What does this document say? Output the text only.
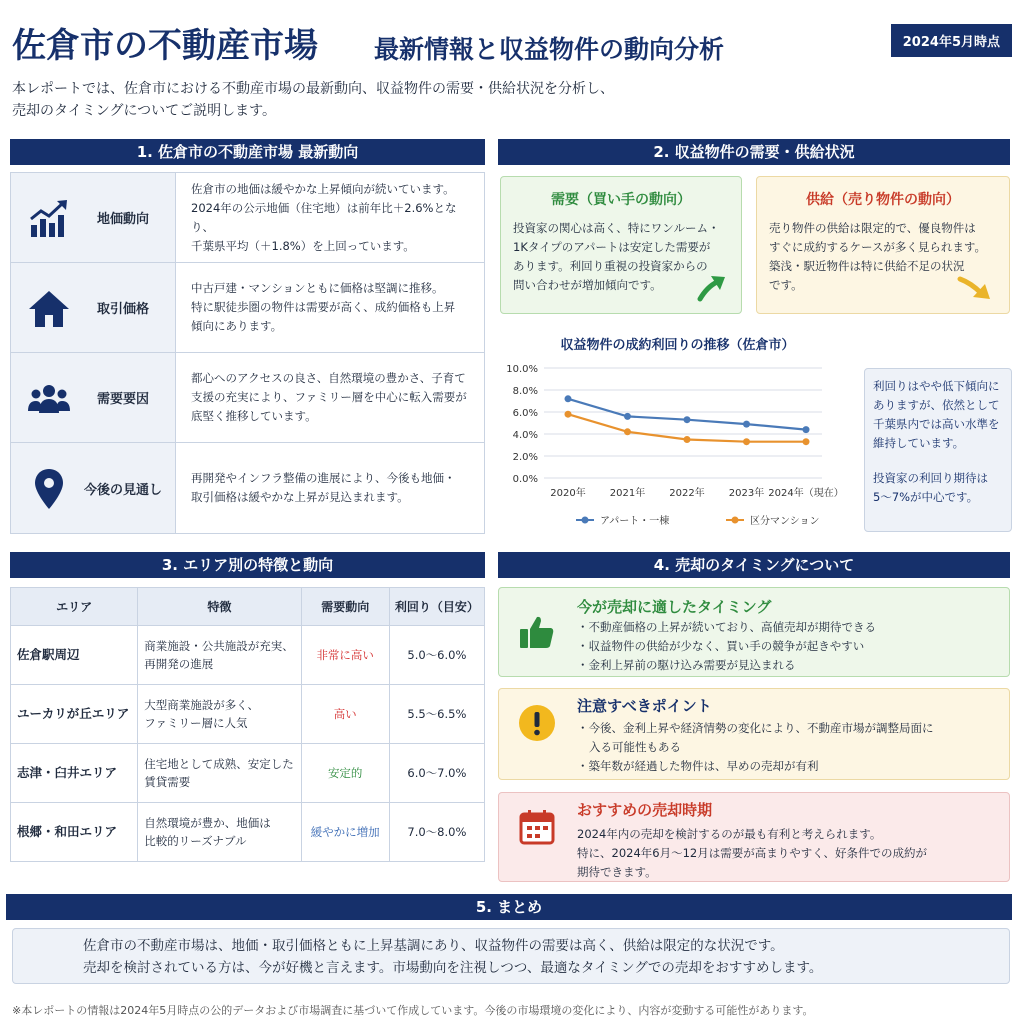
佐倉市の不動産市場 最新情報と収益物件の動向分析	2024年5月時点
本レポートでは、佐倉市における不動産市場の最新動向、収益物件の需要・供給状況を分析し、
売却のタイミングについてご説明します。
1. 佐倉市の不動産市場 最新動向
地価動向
佐倉市の地価は緩やかな上昇傾向が続いています。
2024年の公示地価（住宅地）は前年比＋2.6%となり、
千葉県平均（＋1.8%）を上回っています。
取引価格
中古戸建・マンションともに価格は堅調に推移。
特に駅徒歩圏の物件は需要が高く、成約価格も上昇
傾向にあります。
需要要因
都心へのアクセスの良さ、自然環境の豊かさ、子育て
支援の充実により、ファミリー層を中心に転入需要が
底堅く推移しています。
今後の見通し
再開発やインフラ整備の進展により、今後も地価・
取引価格は緩やかな上昇が見込まれます。
2. 収益物件の需要・供給状況
需要（買い手の動向）
投資家の関心は高く、特にワンルーム・
1Kタイプのアパートは安定した需要が
あります。利回り重視の投資家からの
問い合わせが増加傾向です。
供給（売り物件の動向）
売り物件の供給は限定的で、優良物件は
すぐに成約するケースが多く見られます。
築浅・駅近物件は特に供給不足の状況
です。
収益物件の成約利回りの推移（佐倉市）
0.0%
2.0%
4.0%
6.0%
8.0%
10.0%
2020年 2021年 2022年 2023年 2024年（現在）
アパート・一棟	区分マンション
利回りはやや低下傾向に
ありますが、依然として
千葉県内では高い水準を
維持しています。
投資家の利回り期待は
5〜7%が中心です。
3. エリア別の特徴と動向
エリア	特徴	需要動向	利回り（目安）
佐倉駅周辺	商業施設・公共施設が充実、
再開発の進展	非常に高い	5.0〜6.0%
ユーカリが丘エリア	大型商業施設が多く、
ファミリー層に人気	高い	5.5〜6.5%
志津・臼井エリア	住宅地として成熟、安定した
賃貸需要	安定的	6.0〜7.0%
根郷・和田エリア	自然環境が豊か、地価は
比較的リーズナブル	緩やかに増加	7.0〜8.0%
4. 売却のタイミングについて
今が売却に適したタイミング
・ 不動産価格の上昇が続いており、高値売却が期待できる
・ 収益物件の供給が少なく、買い手の競争が起きやすい
・ 金利上昇前の駆け込み需要が見込まれる
注意すべきポイント
・ 今後、金利上昇や経済情勢の変化により、不動産市場が調整局面に
入る可能性もある
・ 築年数が経過した物件は、早めの売却が有利
おすすめの売却時期
2024年内の売却を検討するのが最も有利と考えられます。
特に、2024年6月〜12月は需要が高まりやすく、好条件での成約が
期待できます。
5. まとめ
佐倉市の不動産市場は、地価・取引価格ともに上昇基調にあり、収益物件の需要は高く、供給は限定的な状況です。
売却を検討されている方は、今が好機と言えます。市場動向を注視しつつ、最適なタイミングでの売却をおすすめします。
※本レポートの情報は2024年5月時点の公的データおよび市場調査に基づいて作成しています。今後の市場環境の変化により、内容が変動する可能性があります。
